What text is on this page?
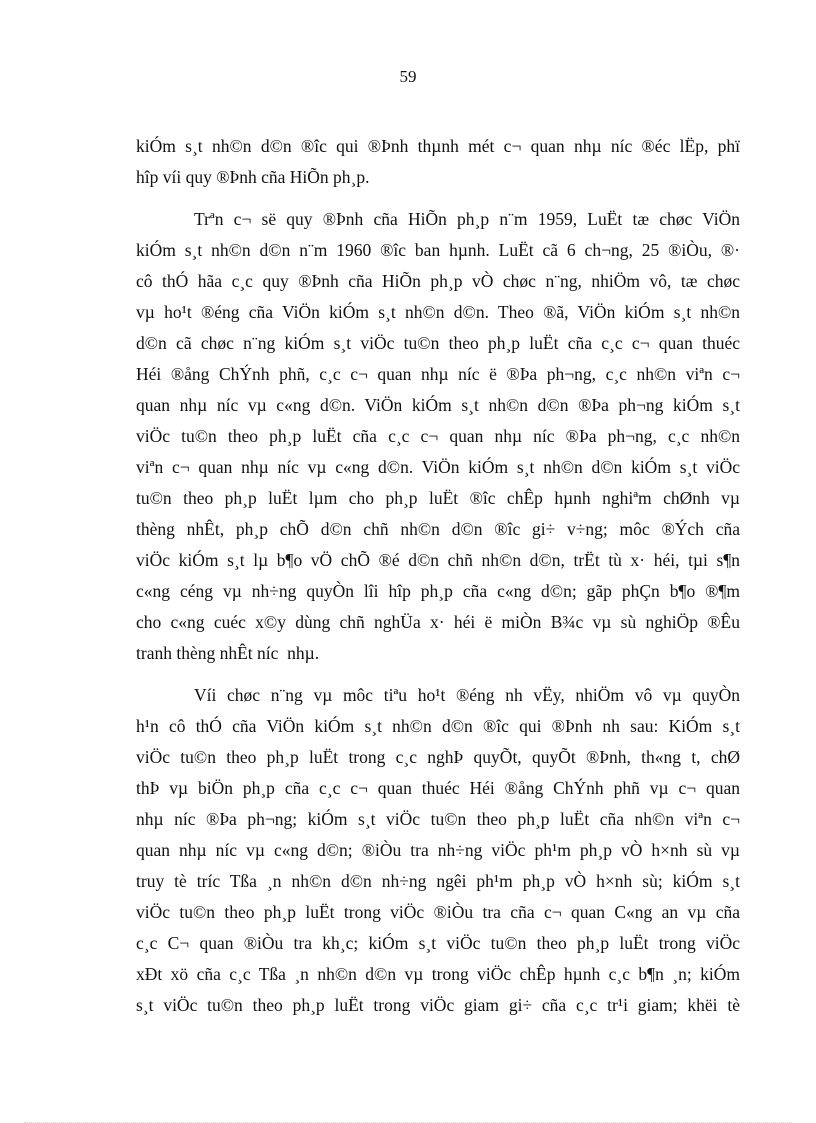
59

kiÓm s¸t nh©n d©n ®îc qui ®Þnh thµnh mét c¬ quan nhµ níc ®éc lËp, phï
hîp víi quy ®Þnh cña HiÕn ph¸p.

Trªn c¬ së quy ®Þnh cña HiÕn ph¸p n¨m 1959, LuËt tæ chøc ViÖn
kiÓm s¸t nh©n d©n n¨m 1960 ®îc ban hµnh. LuËt cã 6 ch¬ng, 25 ®iÒu, ®·
cô thÓ hãa c¸c quy ®Þnh cña HiÕn ph¸p vÒ chøc n¨ng, nhiÖm vô, tæ chøc
vµ ho¹t ®éng cña ViÖn kiÓm s¸t nh©n d©n. Theo ®ã, ViÖn kiÓm s¸t nh©n
d©n cã chøc n¨ng kiÓm s¸t viÖc tu©n theo ph¸p luËt cña c¸c c¬ quan thuéc
Héi ®ång ChÝnh phñ, c¸c c¬ quan nhµ níc ë ®Þa ph¬ng, c¸c nh©n viªn c¬
quan nhµ níc vµ c«ng d©n. ViÖn kiÓm s¸t nh©n d©n ®Þa ph¬ng kiÓm s¸t
viÖc tu©n theo ph¸p luËt cña c¸c c¬ quan nhµ níc ®Þa ph¬ng, c¸c nh©n
viªn c¬ quan nhµ níc vµ c«ng d©n. ViÖn kiÓm s¸t nh©n d©n kiÓm s¸t viÖc
tu©n theo ph¸p luËt lµm cho ph¸p luËt ®îc chÊp hµnh nghiªm chØnh vµ
thèng nhÊt, ph¸p chÕ d©n chñ nh©n d©n ®îc gi÷ v÷ng; môc ®Ých cña
viÖc kiÓm s¸t lµ b¶o vÖ chÕ ®é d©n chñ nh©n d©n, trËt tù x· héi, tµi s¶n
c«ng céng vµ nh÷ng quyÒn lîi hîp ph¸p cña c«ng d©n; gãp phÇn b¶o ®¶m
cho c«ng cuéc x©y dùng chñ nghÜa x· héi ë miÒn B¾c vµ sù nghiÖp ®Êu
tranh thèng nhÊt níc  nhµ.

Víi chøc n¨ng vµ môc tiªu ho¹t ®éng nh vËy, nhiÖm vô vµ quyÒn
h¹n cô thÓ cña ViÖn kiÓm s¸t nh©n d©n ®îc qui ®Þnh nh sau: KiÓm s¸t
viÖc tu©n theo ph¸p luËt trong c¸c nghÞ quyÕt, quyÕt ®Þnh, th«ng t, chØ
thÞ vµ biÖn ph¸p cña c¸c c¬ quan thuéc Héi ®ång ChÝnh phñ vµ c¬ quan
nhµ níc ®Þa ph¬ng; kiÓm s¸t viÖc tu©n theo ph¸p luËt cña nh©n viªn c¬
quan nhµ níc vµ c«ng d©n; ®iÒu tra nh÷ng viÖc ph¹m ph¸p vÒ h×nh sù vµ
truy tè tríc Tßa ¸n nh©n d©n nh÷ng ngêi ph¹m ph¸p vÒ h×nh sù; kiÓm s¸t
viÖc tu©n theo ph¸p luËt trong viÖc ®iÒu tra cña c¬ quan C«ng an vµ cña
c¸c C¬ quan ®iÒu tra kh¸c; kiÓm s¸t viÖc tu©n theo ph¸p luËt trong viÖc
xÐt xö cña c¸c Tßa ¸n nh©n d©n vµ trong viÖc chÊp hµnh c¸c b¶n ¸n; kiÓm
s¸t viÖc tu©n theo ph¸p luËt trong viÖc giam gi÷ cña c¸c tr¹i giam; khëi tè
